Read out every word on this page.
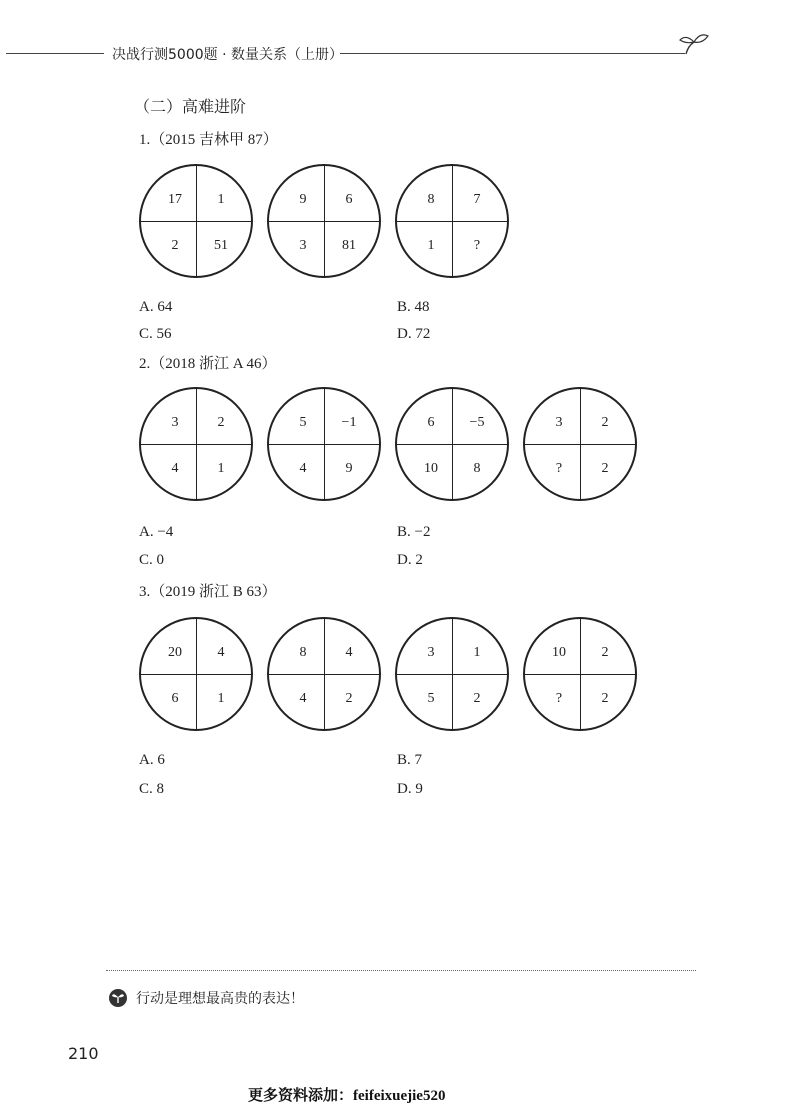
决战行测5000题 · 数量关系（上册）
（二）高难进阶
1.（2015 吉林甲 87）
17	1
2	51
9	6
3	81
8	7
1	?
A. 64	B. 48
C. 56	D. 72
2.（2018 浙江 A 46）
3	2
4	1
5	−1
4	9
6	−5
10	8
3	2
?	2
A. −4	B. −2
C. 0	D. 2
3.（2019 浙江 B 63）
20	4
6	1
8	4
4	2
3	1
5	2
10	2
?	2
A. 6	B. 7
C. 8	D. 9
行动是理想最高贵的表达！
210
更多资料添加：feifeixuejie520
